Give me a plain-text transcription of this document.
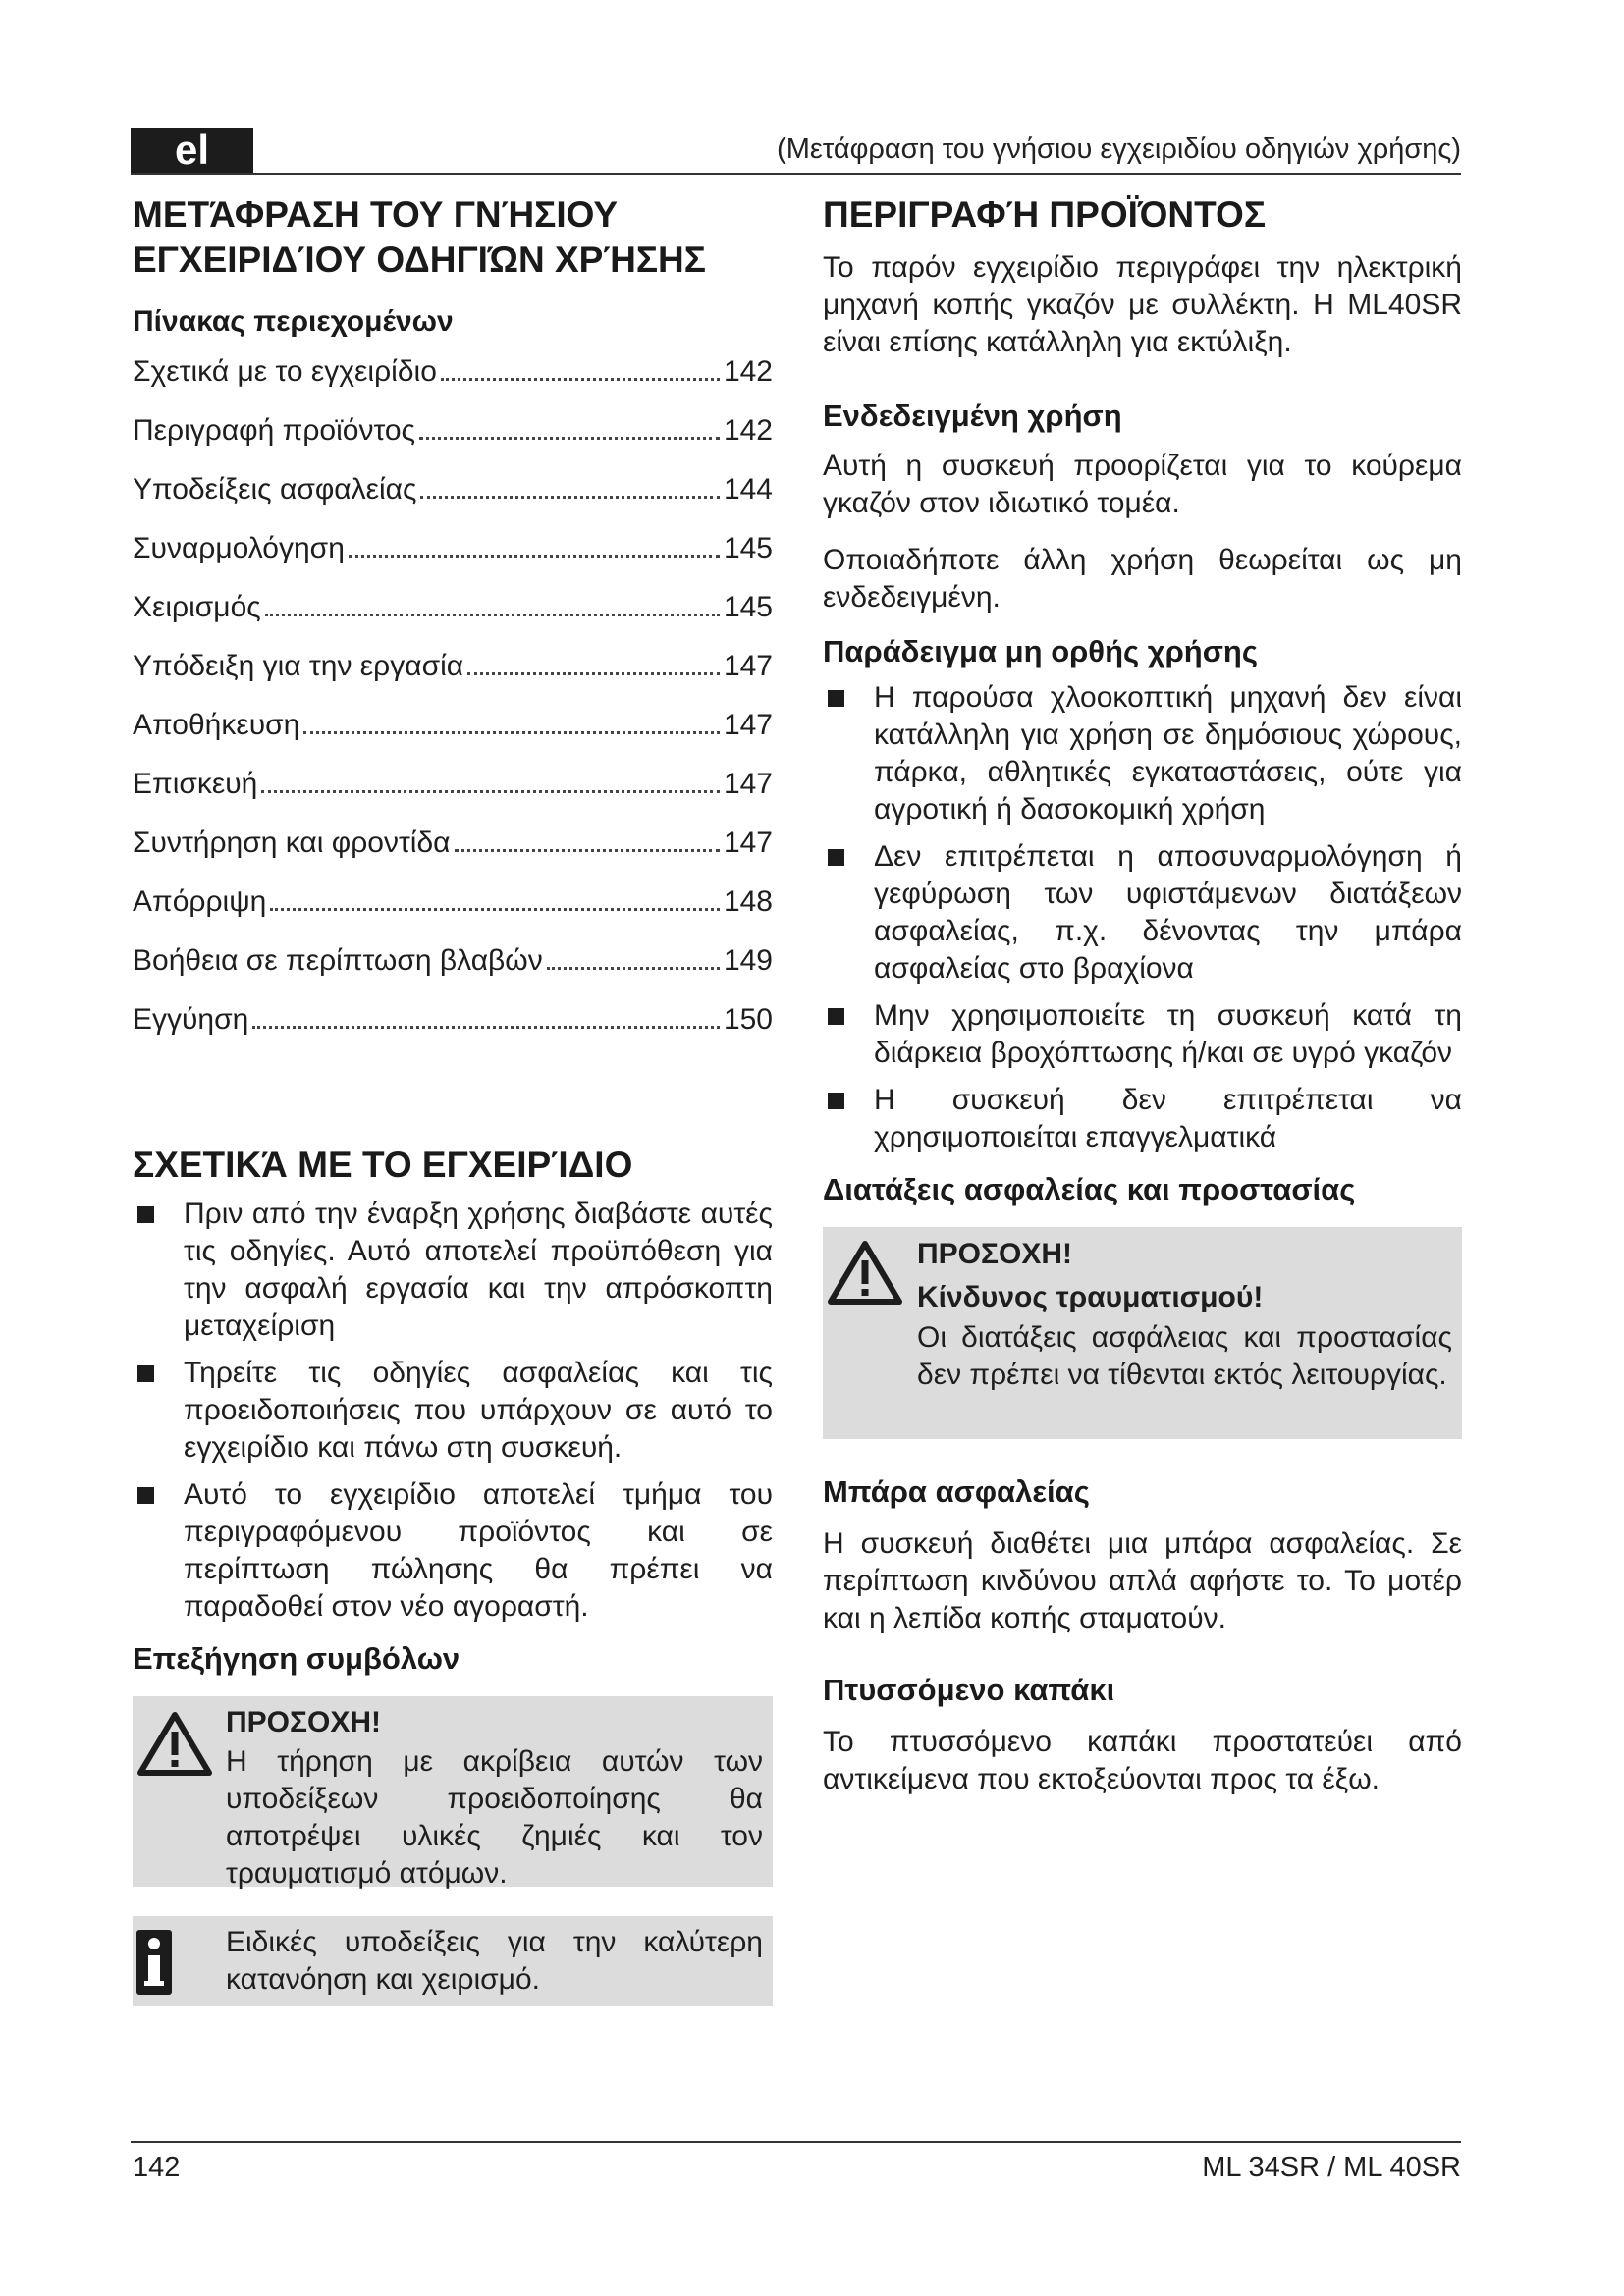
el	(Μετάφραση του γνήσιου εγχειριδίου οδηγιών χρήσης)
ΜΕΤΆΦΡΑΣΗ ΤΟΥ ΓΝΉΣΙΟΥ
ΕΓΧΕΙΡΙΔΊΟΥ ΟΔΗΓΙΏΝ ΧΡΉΣΗΣ
Πίνακας περιεχομένων
Σχετικά με το εγχειρίδιο	142
Περιγραφή προϊόντος	142
Υποδείξεις ασφαλείας	144
Συναρμολόγηση	145
Χειρισμός	145
Υπόδειξη για την εργασία	147
Αποθήκευση	147
Επισκευή	147
Συντήρηση και φροντίδα	147
Απόρριψη	148
Βοήθεια σε περίπτωση βλαβών	149
Εγγύηση	150
ΣΧΕΤΙΚΆ ΜΕ ΤΟ ΕΓΧΕΙΡΊΔΙΟ
Πριν από την έναρξη χρήσης διαβάστε αυτές τις οδηγίες. Αυτό αποτελεί προϋπόθεση για την ασφαλή εργασία και την απρόσκοπτη μεταχείριση
Τηρείτε τις οδηγίες ασφαλείας και τις προειδοποιήσεις που υπάρχουν σε αυτό το εγχειρίδιο και πάνω στη συσκευή.
Αυτό το εγχειρίδιο αποτελεί τμήμα του περιγραφόμενου προϊόντος και σε περίπτωση πώλησης θα πρέπει να παραδοθεί στον νέο αγοραστή.
Επεξήγηση συμβόλων
ΠΡΟΣΟΧΗ!

Η τήρηση με ακρίβεια αυτών των υποδείξεων προειδοποίησης θα αποτρέψει υλικές ζημιές και τον τραυματισμό ατόμων.

Ειδικές υποδείξεις για την καλύτερη κατανόηση και χειρισμό.

ΠΕΡΙΓΡΑΦΉ ΠΡΟΪΌΝΤΟΣ

Το παρόν εγχειρίδιο περιγράφει την ηλεκτρική μηχανή κοπής γκαζόν με συλλέκτη. Η ML40SR είναι επίσης κατάλληλη για εκτύλιξη.

Ενδεδειγμένη χρήση

Αυτή η συσκευή προορίζεται για το κούρεμα γκαζόν στον ιδιωτικό τομέα.

Οποιαδήποτε άλλη χρήση θεωρείται ως μη ενδεδειγμένη.

Παράδειγμα μη ορθής χρήσης
Η παρούσα χλοοκοπτική μηχανή δεν είναι κατάλληλη για χρήση σε δημόσιους χώρους, πάρκα, αθλητικές εγκαταστάσεις, ούτε για αγροτική ή δασοκομική χρήση
Δεν επιτρέπεται η αποσυναρμολόγηση ή γεφύρωση των υφιστάμενων διατάξεων ασφαλείας, π.χ. δένοντας την μπάρα ασφαλείας στο βραχίονα
Μην χρησιμοποιείτε τη συσκευή κατά τη διάρκεια βροχόπτωσης ή/και σε υγρό γκαζόν
Η συσκευή δεν επιτρέπεται να χρησιμοποιείται επαγγελματικά
Διατάξεις ασφαλείας και προστασίας
ΠΡΟΣΟΧΗ!
Κίνδυνος τραυματισμού!

Οι διατάξεις ασφάλειας και προστασίας δεν πρέπει να τίθενται εκτός λειτουργίας.

Μπάρα ασφαλείας

Η συσκευή διαθέτει μια μπάρα ασφαλείας. Σε περίπτωση κινδύνου απλά αφήστε το. Το μοτέρ και η λεπίδα κοπής σταματούν.

Πτυσσόμενο καπάκι

Το πτυσσόμενο καπάκι προστατεύει από αντικείμενα που εκτοξεύονται προς τα έξω.

142	ML 34SR / ML 40SR
